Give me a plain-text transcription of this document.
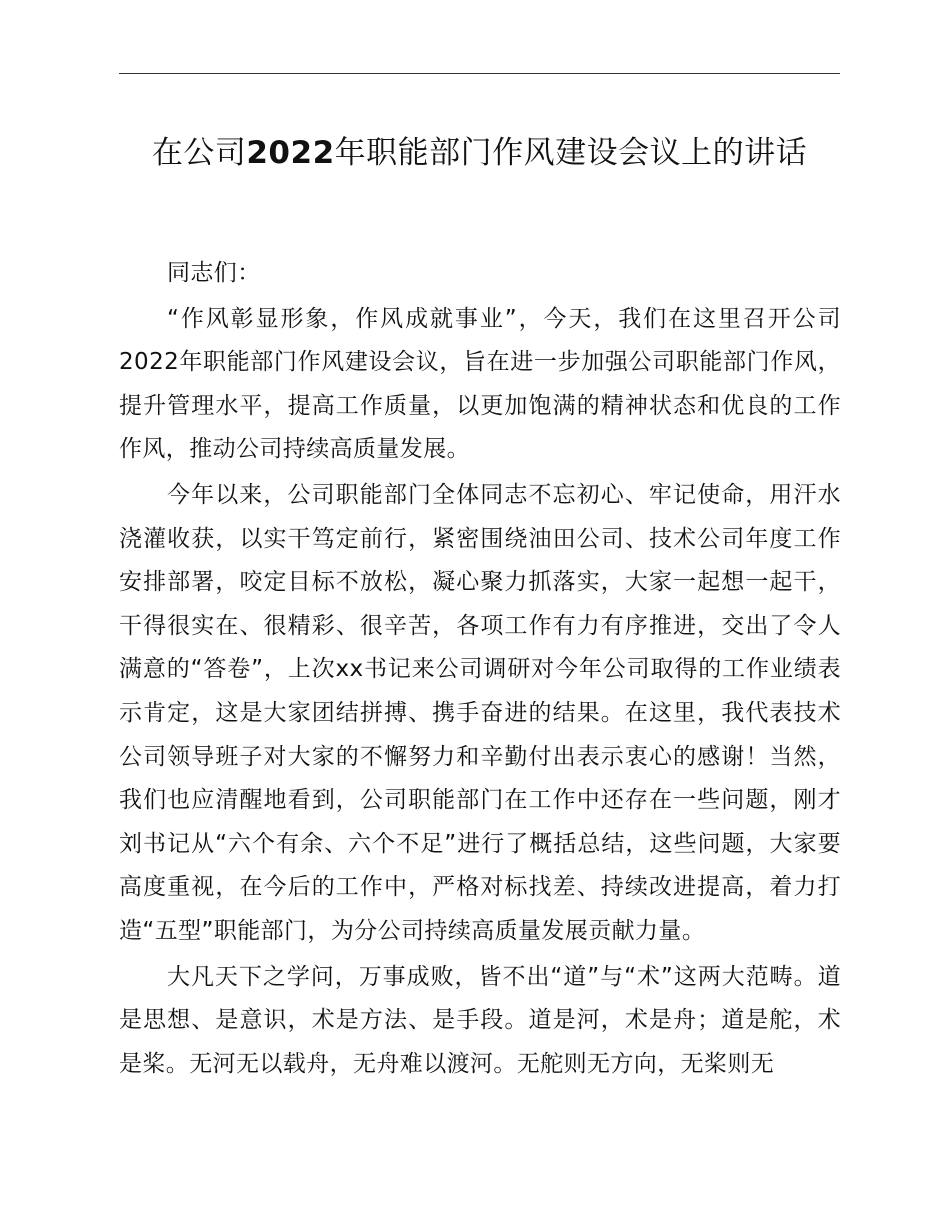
在公司2022年职能部门作风建设会议上的讲话

同志们：

“作风彰显形象，作风成就事业”，今天，我们在这里召开公司2022年职能部门作风建设会议，旨在进一步加强公司职能部门作风，提升管理水平，提高工作质量，以更加饱满的精神状态和优良的工作作风，推动公司持续高质量发展。

今年以来，公司职能部门全体同志不忘初心、牢记使命，用汗水浇灌收获，以实干笃定前行，紧密围绕油田公司、技术公司年度工作安排部署，咬定目标不放松，凝心聚力抓落实，大家一起想一起干，干得很实在、很精彩、很辛苦，各项工作有力有序推进，交出了令人满意的“答卷”，上次xx书记来公司调研对今年公司取得的工作业绩表示肯定，这是大家团结拼搏、携手奋进的结果。在这里，我代表技术公司领导班子对大家的不懈努力和辛勤付出表示衷心的感谢！当然，我们也应清醒地看到，公司职能部门在工作中还存在一些问题，刚才刘书记从“六个有余、六个不足”进行了概括总结，这些问题，大家要高度重视，在今后的工作中，严格对标找差、持续改进提高，着力打造“五型”职能部门，为分公司持续高质量发展贡献力量。

大凡天下之学问，万事成败，皆不出“道”与“术”这两大范畴。道是思想、是意识，术是方法、是手段。道是河，术是舟；道是舵，术是桨。无河无以载舟，无舟难以渡河。无舵则无方向，无桨则无
